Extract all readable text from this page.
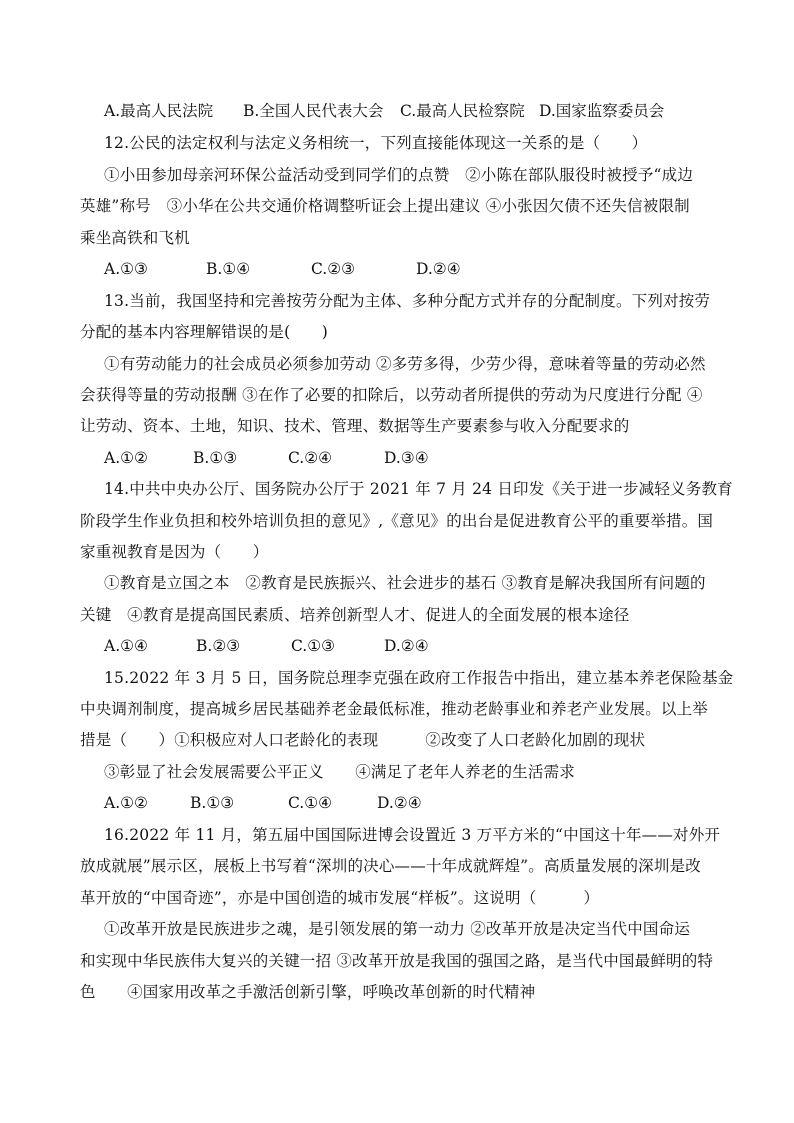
A.最高人民法院 B.全国人民代表大会 C.最高人民检察院 D.国家监察委员会
12.公民的法定权利与法定义务相统一，下列直接能体现这一关系的是（　　）
①小田参加母亲河环保公益活动受到同学们的点赞　②小陈在部队服役时被授予“成边
英雄”称号　③小华在公共交通价格调整听证会上提出建议 ④小张因欠债不还失信被限制
乘坐高铁和飞机
A.①③	B.①④	C.②③	D.②④
13.当前，我国坚持和完善按劳分配为主体、多种分配方式并存的分配制度。下列对按劳
分配的基本内容理解错误的是(　　)
①有劳动能力的社会成员必须参加劳动 ②多劳多得，少劳少得，意味着等量的劳动必然
会获得等量的劳动报酬 ③在作了必要的扣除后，以劳动者所提供的劳动为尺度进行分配 ④
让劳动、资本、土地，知识、技术、管理、数据等生产要素参与收入分配要求的
A.①②	B.①③	C.②④	D.③④
14.中共中央办公厅、国务院办公厅于 2021 年 7 月 24 日印发《关于进一步减轻义务教育
阶段学生作业负担和校外培训负担的意见》,《意见》的出台是促进教育公平的重要举措。国
家重视教育是因为（　　）
①教育是立国之本　②教育是民族振兴、社会进步的基石 ③教育是解决我国所有问题的
关键　④教育是提高国民素质、培养创新型人才、促进人的全面发展的根本途径
A.①④	B.②③	C.①③	D.②④
15.2022 年 3 月 5 日，国务院总理李克强在政府工作报告中指出，建立基本养老保险基金
中央调剂制度，提高城乡居民基础养老金最低标准，推动老龄事业和养老产业发展。以上举
措是（　　）①积极应对人口老龄化的表现　　　②改变了人口老龄化加剧的现状
③彰显了社会发展需要公平正义　　④满足了老年人养老的生活需求
A.①②	B.①③	C.①④	D.②④
16.2022 年 11 月，第五届中国国际进博会设置近 3 万平方米的“中国这十年——对外开
放成就展”展示区，展板上书写着“深圳的决心——十年成就辉煌”。高质量发展的深圳是改
革开放的“中国奇迹”，亦是中国创造的城市发展“样板”。这说明（　　　）
①改革开放是民族进步之魂，是引领发展的第一动力 ②改革开放是决定当代中国命运
和实现中华民族伟大复兴的关键一招 ③改革开放是我国的强国之路，是当代中国最鲜明的特
色　　④国家用改革之手激活创新引擎，呼唤改革创新的时代精神
